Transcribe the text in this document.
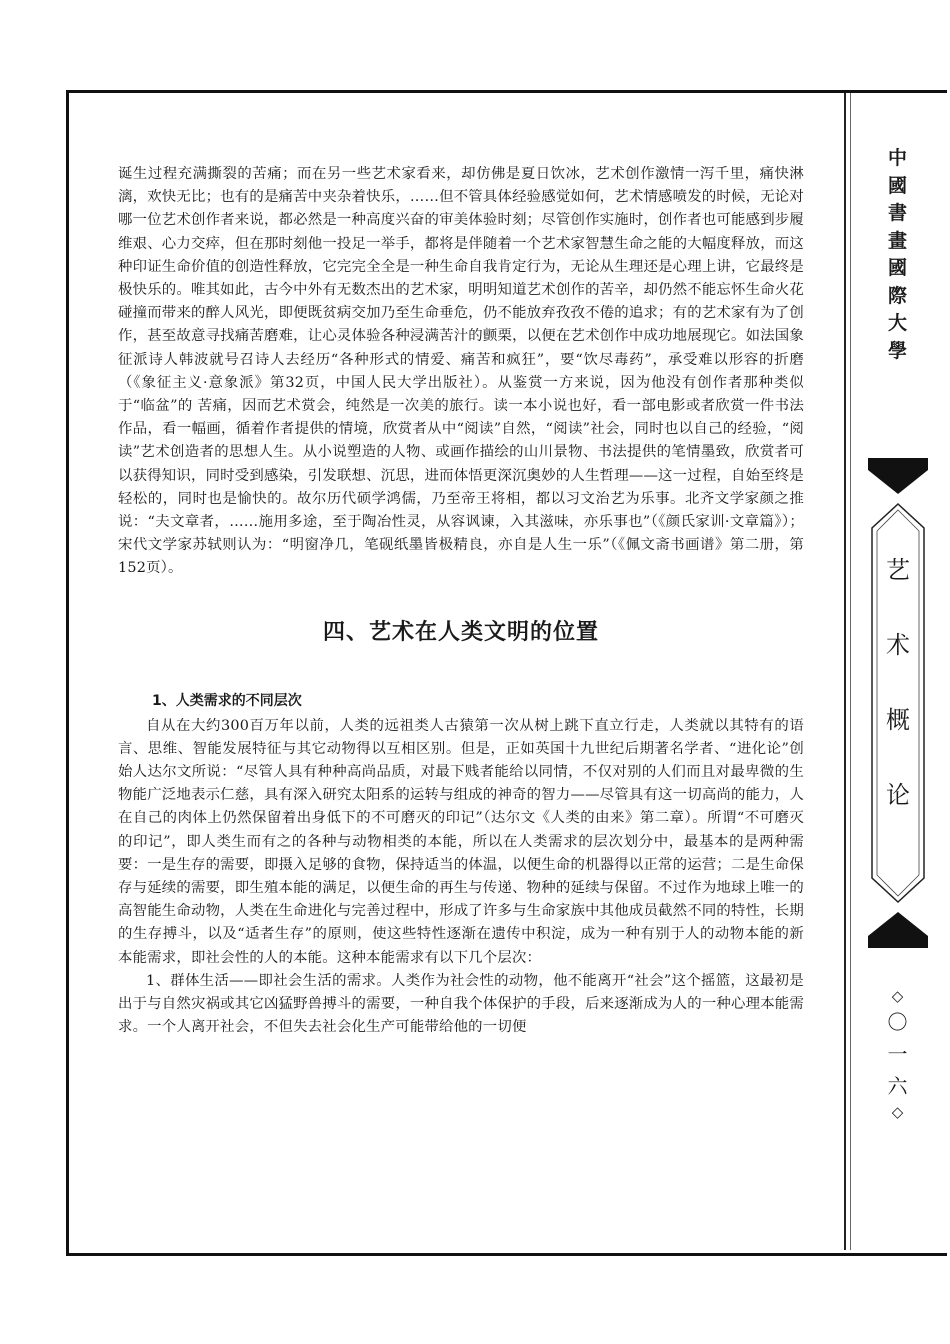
诞生过程充满撕裂的苦痛；而在另一些艺术家看来，却仿佛是夏日饮冰，艺术创作激情一泻千里，痛快淋漓，欢快无比；也有的是痛苦中夹杂着快乐，……但不管具体经验感觉如何，艺术情感喷发的时候，无论对哪一位艺术创作者来说，都必然是一种高度兴奋的审美体验时刻；尽管创作实施时，创作者也可能感到步履维艰、心力交瘁，但在那时刻他一投足一举手，都将是伴随着一个艺术家智慧生命之能的大幅度释放，而这种印证生命价值的创造性释放，它完完全全是一种生命自我肯定行为，无论从生理还是心理上讲，它最终是极快乐的。唯其如此，古今中外有无数杰出的艺术家，明明知道艺术创作的苦辛，却仍然不能忘怀生命火花碰撞而带来的醉人风光，即便既贫病交加乃至生命垂危，仍不能放弃孜孜不倦的追求；有的艺术家有为了创作，甚至故意寻找痛苦磨难，让心灵体验各种浸满苦汁的颤栗，以便在艺术创作中成功地展现它。如法国象征派诗人韩波就号召诗人去经历“各种形式的情爱、痛苦和疯狂”，要“饮尽毒药”，承受难以形容的折磨（《象征主义·意象派》第32页，中国人民大学出版社）。从鉴赏一方来说，因为他没有创作者那种类似于“临盆”的 苦痛，因而艺术赏会，纯然是一次美的旅行。读一本小说也好，看一部电影或者欣赏一件书法作品，看一幅画，循着作者提供的情境，欣赏者从中“阅读”自然，“阅读”社会，同时也以自己的经验，“阅读”艺术创造者的思想人生。从小说塑造的人物、或画作描绘的山川景物、书法提供的笔情墨致，欣赏者可以获得知识，同时受到感染，引发联想、沉思，进而体悟更深沉奥妙的人生哲理——这一过程，自始至终是轻松的，同时也是愉快的。故尔历代硕学鸿儒，乃至帝王将相，都以习文治艺为乐事。北齐文学家颜之推说：“夫文章者，……施用多途，至于陶冶性灵，从容讽谏，入其滋味，亦乐事也”（《颜氏家训·文章篇》）；宋代文学家苏轼则认为：“明窗净几，笔砚纸墨皆极精良，亦自是人生一乐”（《佩文斋书画谱》第二册，第152页）。

四、艺术在人类文明的位置
1、人类需求的不同层次

自从在大约300百万年以前，人类的远祖类人古猿第一次从树上跳下直立行走，人类就以其特有的语言、思维、智能发展特征与其它动物得以互相区别。但是，正如英国十九世纪后期著名学者、“进化论”创始人达尔文所说：“尽管人具有种种高尚品质，对最下贱者能给以同情，不仅对别的人们而且对最卑微的生物能广泛地表示仁慈，具有深入研究太阳系的运转与组成的神奇的智力——尽管具有这一切高尚的能力，人在自己的肉体上仍然保留着出身低下的不可磨灭的印记”（达尔文《人类的由来》第二章）。所谓“不可磨灭的印记”，即人类生而有之的各种与动物相类的本能，所以在人类需求的层次划分中，最基本的是两种需要：一是生存的需要，即摄入足够的食物，保持适当的体温，以便生命的机器得以正常的运营；二是生命保存与延续的需要，即生殖本能的满足，以便生命的再生与传递、物种的延续与保留。不过作为地球上唯一的高智能生命动物，人类在生命进化与完善过程中，形成了许多与生命家族中其他成员截然不同的特性，长期的生存搏斗，以及“适者生存”的原则，使这些特性逐渐在遗传中积淀，成为一种有别于人的动物本能的新本能需求，即社会性的人的本能。这种本能需求有以下几个层次：

1、群体生活——即社会生活的需求。人类作为社会性的动物，他不能离开“社会”这个摇篮，这最初是出于与自然灾祸或其它凶猛野兽搏斗的需要，一种自我个体保护的手段，后来逐渐成为人的一种心理本能需求。一个人离开社会，不但失去社会化生产可能带给他的一切便

中
國
書
畫
國
際
大
學
艺
术
概
论
◇
〇
一
六
◇
